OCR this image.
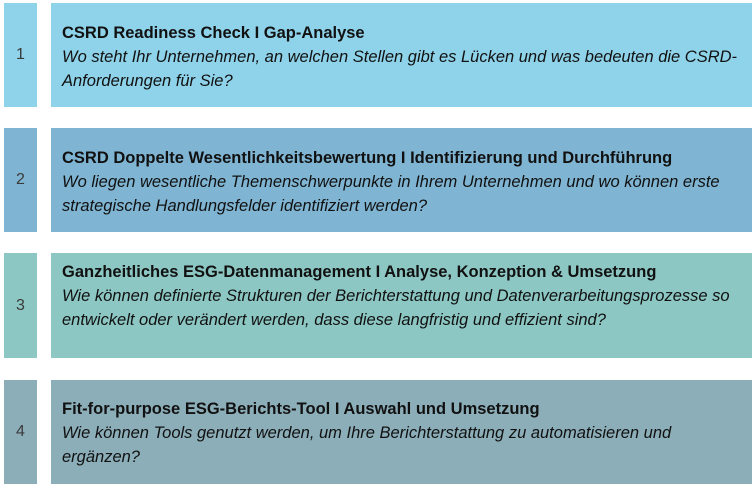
1
CSRD Readiness Check I Gap-Analyse
Wo steht Ihr Unternehmen, an welchen Stellen gibt es Lücken und was bedeuten die CSRD-Anforderungen für Sie?
2
CSRD Doppelte Wesentlichkeitsbewertung I Identifizierung und Durchführung
Wo liegen wesentliche Themenschwerpunkte in Ihrem Unternehmen und wo können erste strategische Handlungsfelder identifiziert werden?
3
Ganzheitliches ESG-Datenmanagement I Analyse, Konzeption & Umsetzung
Wie können definierte Strukturen der Berichterstattung und Datenverarbeitungsprozesse so entwickelt oder verändert werden, dass diese langfristig und effizient sind?
4
Fit-for-purpose ESG-Berichts-Tool I Auswahl und Umsetzung
Wie können Tools genutzt werden, um Ihre Berichterstattung zu automatisieren und ergänzen?
